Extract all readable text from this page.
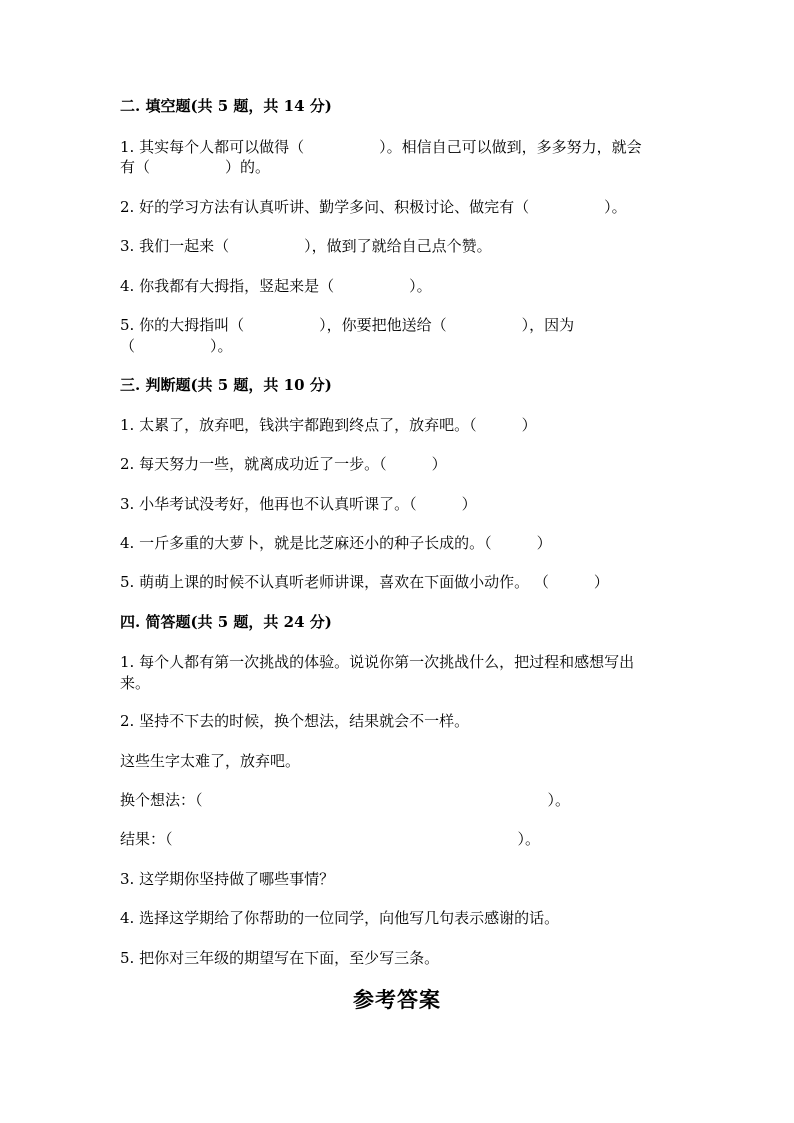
二. 填空题(共 5 题，共 14 分)
1. 其实每个人都可以做得（　　　　　）。相信自己可以做到，多多努力，就会
有（　　　　　）的。
2. 好的学习方法有认真听讲、勤学多问、积极讨论、做完有（　　　　　）。
3. 我们一起来（　　　　　），做到了就给自己点个赞。
4. 你我都有大拇指，竖起来是（　　　　　）。
5. 你的大拇指叫（　　　　　），你要把他送给（　　　　　），因为
（　　　　　）。
三. 判断题(共 5 题，共 10 分)
1. 太累了，放弃吧，钱洪宇都跑到终点了，放弃吧。（　　　）
2. 每天努力一些，就离成功近了一步。（　　　）
3. 小华考试没考好，他再也不认真听课了。（　　　）
4. 一斤多重的大萝卜，就是比芝麻还小的种子长成的。（　　　）
5. 萌萌上课的时候不认真听老师讲课，喜欢在下面做小动作。 （　　　）
四. 简答题(共 5 题，共 24 分)
1. 每个人都有第一次挑战的体验。说说你第一次挑战什么，把过程和感想写出
来。
2. 坚持不下去的时候，换个想法，结果就会不一样。
这些生字太难了，放弃吧。
换个想法：（　　　　　　　　　　　　　　　　　　　　　　　）。
结果：（　　　　　　　　　　　　　　　　　　　　　　　）。
3. 这学期你坚持做了哪些事情？
4. 选择这学期给了你帮助的一位同学，向他写几句表示感谢的话。
5. 把你对三年级的期望写在下面，至少写三条。
参考答案
